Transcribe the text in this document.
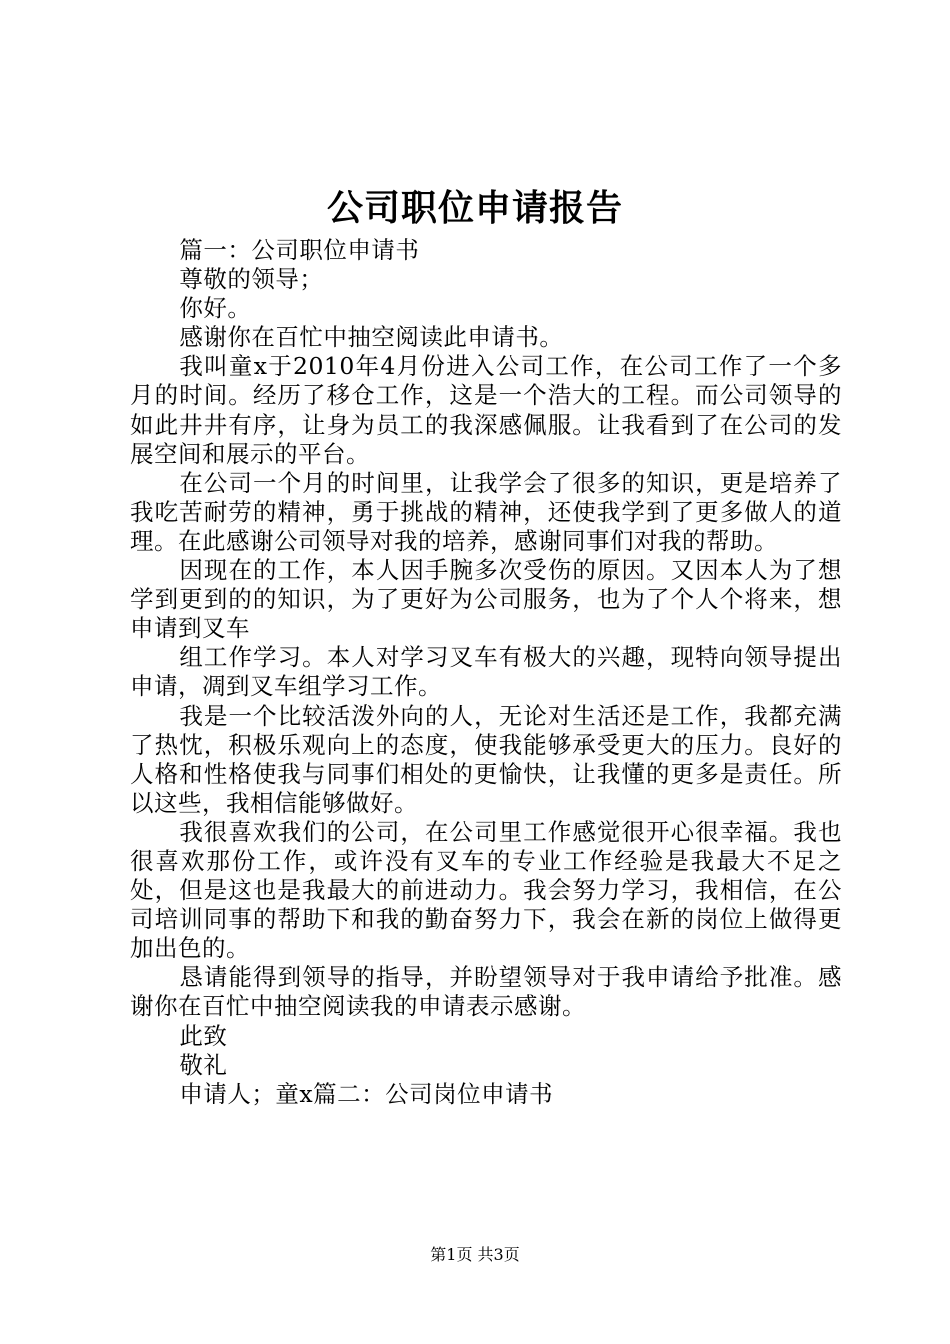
公司职位申请报告

篇一：公司职位申请书

尊敬的领导；

你好。

感谢你在百忙中抽空阅读此申请书。

我叫童x于2010年4月份进入公司工作，在公司工作了一个多月的时间。经历了移仓工作，这是一个浩大的工程。而公司领导的如此井井有序，让身为员工的我深感佩服。让我看到了在公司的发展空间和展示的平台。

在公司一个月的时间里，让我学会了很多的知识，更是培养了我吃苦耐劳的精神，勇于挑战的精神，还使我学到了更多做人的道理。在此感谢公司领导对我的培养，感谢同事们对我的帮助。

因现在的工作，本人因手腕多次受伤的原因。又因本人为了想学到更到的的知识，为了更好为公司服务，也为了个人个将来，想申请到叉车

组工作学习。本人对学习叉车有极大的兴趣，现特向领导提出申请，凋到叉车组学习工作。

我是一个比较活泼外向的人，无论对生活还是工作，我都充满了热忱，积极乐观向上的态度，使我能够承受更大的压力。良好的人格和性格使我与同事们相处的更愉快，让我懂的更多是责任。所以这些，我相信能够做好。

我很喜欢我们的公司，在公司里工作感觉很开心很幸福。我也很喜欢那份工作，或许没有叉车的专业工作经验是我最大不足之处，但是这也是我最大的前进动力。我会努力学习，我相信，在公司培训同事的帮助下和我的勤奋努力下，我会在新的岗位上做得更加出色的。

恳请能得到领导的指导，并盼望领导对于我申请给予批准。感谢你在百忙中抽空阅读我的申请表示感谢。

此致

敬礼

申请人；童x篇二：公司岗位申请书

第1页 共3页
